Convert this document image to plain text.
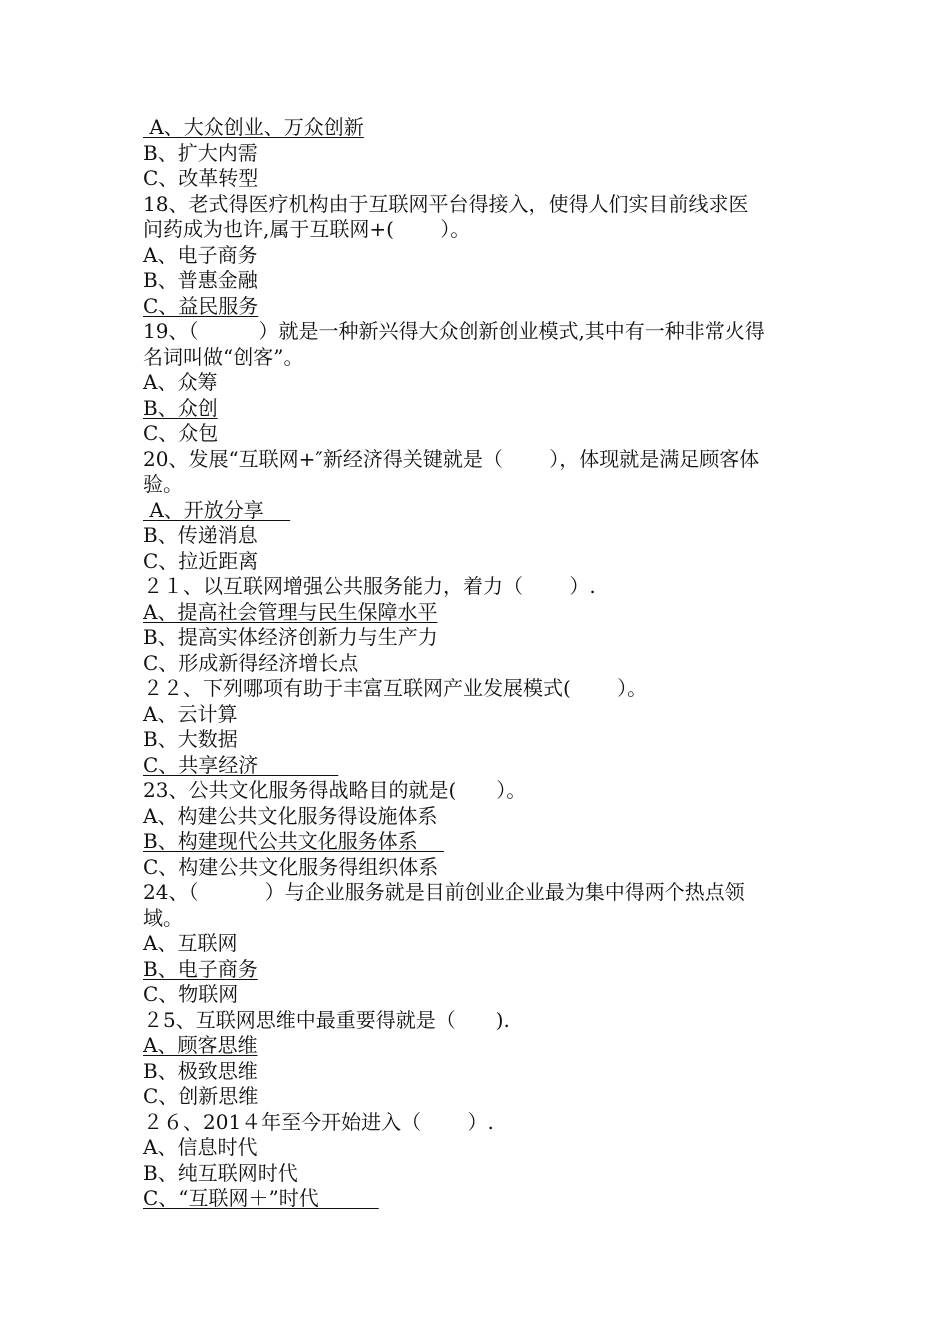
A、大众创业、万众创新
B、扩大内需
C、改革转型
18、老式得医疗机构由于互联网平台得接入，使得人们实目前线求医
问药成为也许,属于互联网+(　　 ）。
A、电子商务
B、普惠金融
C、益民服务
19、（　　　）就是一种新兴得大众创新创业模式,其中有一种非常火得
名词叫做“创客”。
A、众筹
B、众创
C、众包
20、发展“互联网+″新经济得关键就是（　　 ），体现就是满足顾客体
验。
A、开放分享　
B、传递消息
C、拉近距离
２１、以互联网增强公共服务能力，着力（　　 ）.
A、提高社会管理与民生保障水平
B、提高实体经济创新力与生产力
C、形成新得经济增长点
２２、下列哪项有助于丰富互联网产业发展模式(　　 ）。
A、云计算
B、大数据
C、共享经济　　　　
23、公共文化服务得战略目的就是(　　）。
A、构建公共文化服务得设施体系
B、构建现代公共文化服务体系　
C、构建公共文化服务得组织体系
24、（　　　 ）与企业服务就是目前创业企业最为集中得两个热点领
域。
A、互联网
B、电子商务
C、物联网
２5、互联网思维中最重要得就是（　　).
A、顾客思维
B、极致思维
C、创新思维
２６、201４年至今开始进入（　　 ）.
A、信息时代
B、纯互联网时代
C、“互联网＋”时代　　　
